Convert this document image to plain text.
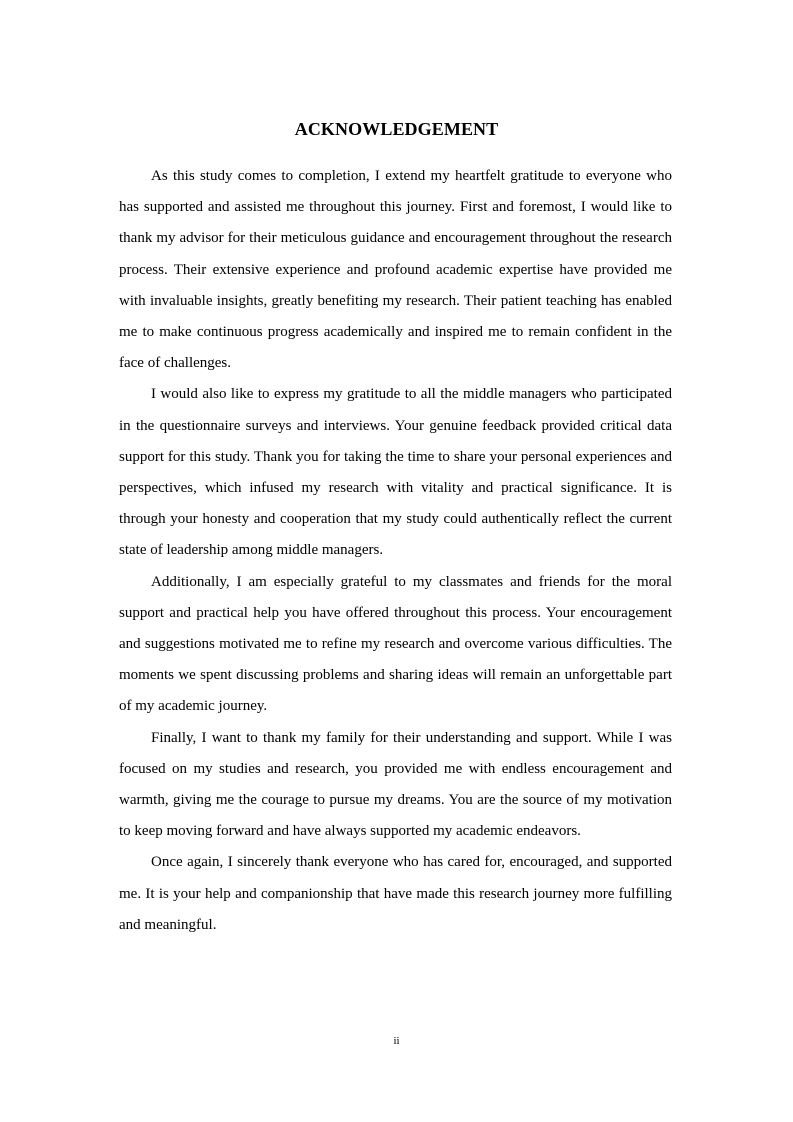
ACKNOWLEDGEMENT

As this study comes to completion, I extend my heartfelt gratitude to everyone who has supported and assisted me throughout this journey. First and foremost, I would like to thank my advisor for their meticulous guidance and encouragement throughout the research process. Their extensive experience and profound academic expertise have provided me with invaluable insights, greatly benefiting my research. Their patient teaching has enabled me to make continuous progress academically and inspired me to remain confident in the face of challenges.

I would also like to express my gratitude to all the middle managers who participated in the questionnaire surveys and interviews. Your genuine feedback provided critical data support for this study. Thank you for taking the time to share your personal experiences and perspectives, which infused my research with vitality and practical significance. It is through your honesty and cooperation that my study could authentically reflect the current state of leadership among middle managers.

Additionally, I am especially grateful to my classmates and friends for the moral support and practical help you have offered throughout this process. Your encouragement and suggestions motivated me to refine my research and overcome various difficulties. The moments we spent discussing problems and sharing ideas will remain an unforgettable part of my academic journey.

Finally, I want to thank my family for their understanding and support. While I was focused on my studies and research, you provided me with endless encouragement and warmth, giving me the courage to pursue my dreams. You are the source of my motivation to keep moving forward and have always supported my academic endeavors.

Once again, I sincerely thank everyone who has cared for, encouraged, and supported me. It is your help and companionship that have made this research journey more fulfilling and meaningful.

ii
